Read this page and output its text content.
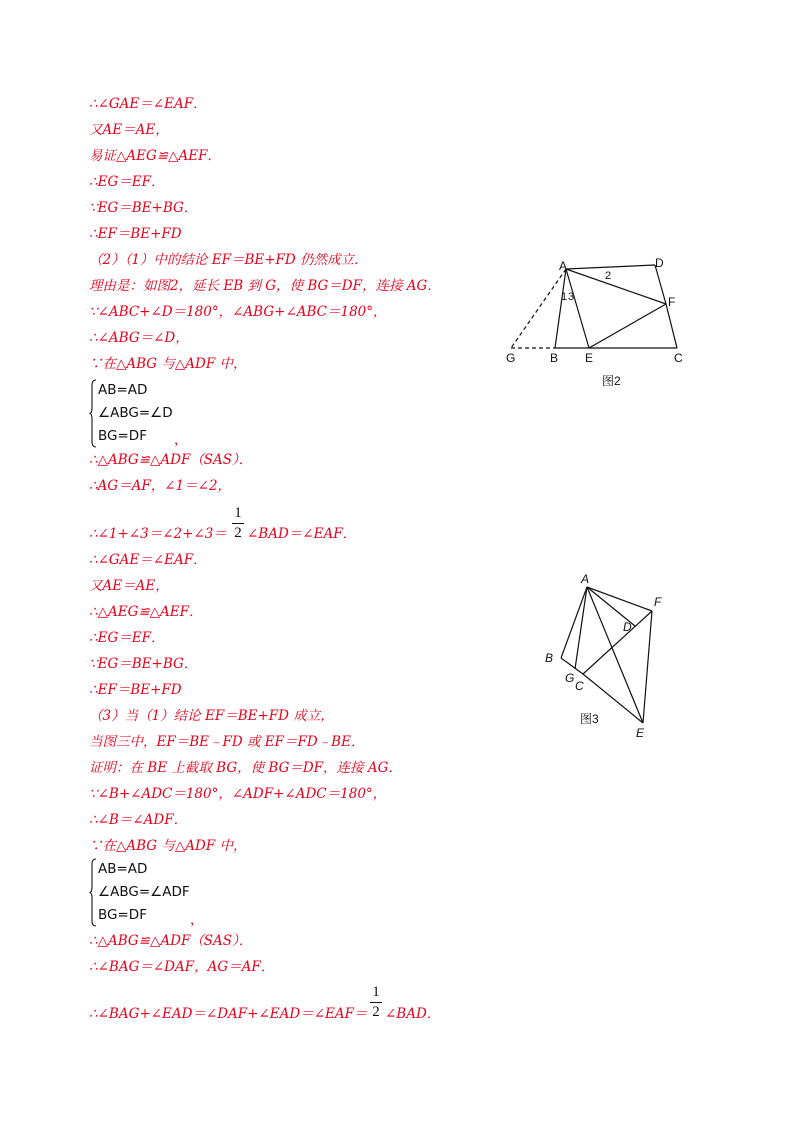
∴∠GAE＝∠EAF．
又AE＝AE，
易证△AEG≌△AEF．
∴EG＝EF．
∵EG＝BE+BG．
∴EF＝BE+FD
（2）（1）中的结论 EF＝BE+FD 仍然成立．
理由是：如图2，延长 EB 到 G，使 BG＝DF，连接 AG．
∵∠ABC+∠D＝180°，∠ABG+∠ABC＝180°，
∴∠ABG＝∠D，
∵在△ABG 与△ADF 中，
AB=AD
∠ABG=∠D
BG=DF	，
∴△ABG≌△ADF（SAS）．
∴AG＝AF，∠1＝∠2，
∴∠1+∠3＝∠2+∠3＝
1
2 ∠BAD＝∠EAF．
∴∠GAE＝∠EAF．
又AE＝AE，
∴△AEG≌△AEF．
∴EG＝EF．
∵EG＝BE+BG．
∴EF＝BE+FD
（3）当（1）结论 EF＝BE+FD 成立，
当图三中，EF＝BE﹣FD 或 EF＝FD﹣BE．
证明：在 BE 上截取 BG，使 BG＝DF，连接 AG．
∵∠B+∠ADC＝180°，∠ADF+∠ADC＝180°，
∴∠B＝∠ADF．
∵在△ABG 与△ADF 中，
AB=AD
∠ABG=∠ADF
BG=DF	，
∴△ABG≌△ADF（SAS）．
∴∠BAG＝∠DAF，AG＝AF．
∴∠BAG+∠EAD＝∠DAF+∠EAD＝∠EAF＝
1
2 ∠BAD．
A	D
F
G	B E	C
1 3
2
图2
A
F
D
B
G
C
E
图3
